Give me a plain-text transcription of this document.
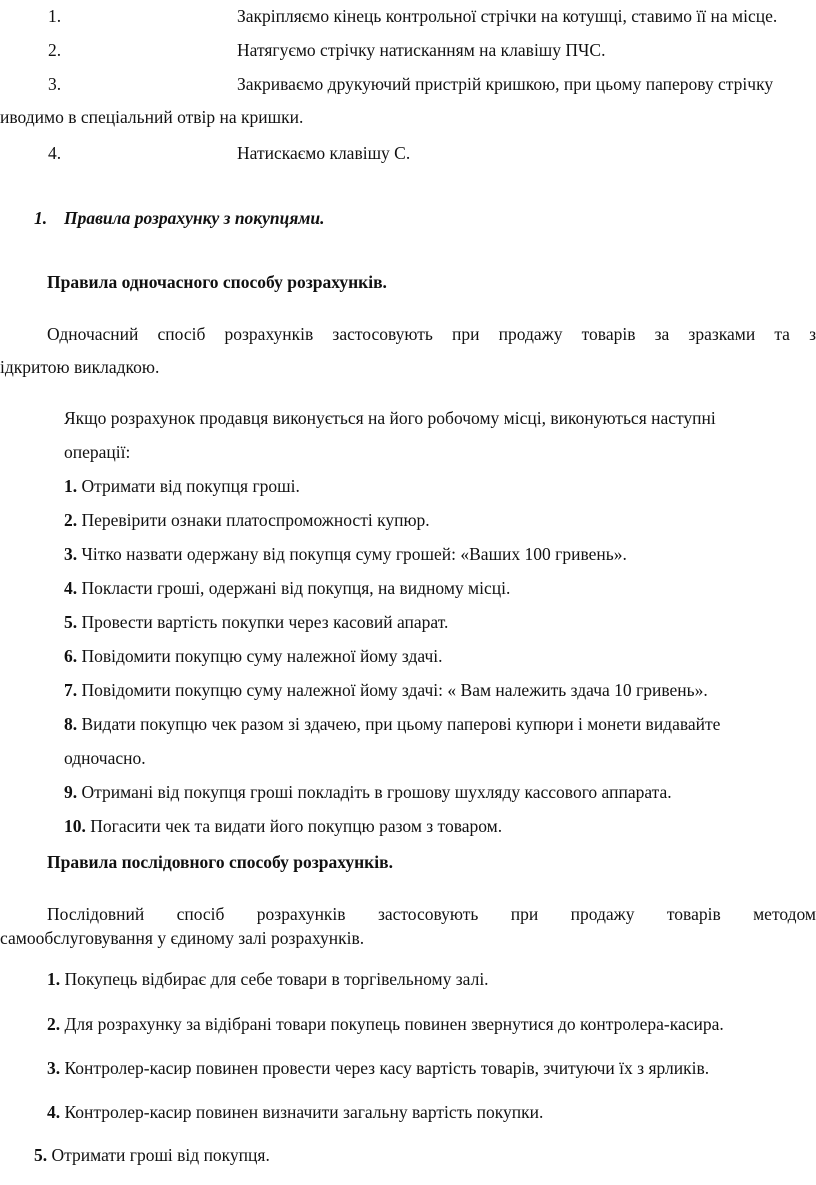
1.	Закріпляємо кінець контрольної стрічки на котушці, ставимо її на місце.
2.	Натягуємо стрічку натисканням на клавішу ПЧС.
3.	Закриваємо друкуючий пристрій кришкою, при цьому паперову стрічку
иводимо в спеціальний отвір на кришки.
4.	Натискаємо клавішу С.
1. Правила розрахунку з покупцями.
Правила одночасного способу розрахунків.
Одночасний спосіб розрахунків застосовують при продажу товарів за зразками та з
ідкритою викладкою.
Якщо розрахунок продавця виконується на його робочому місці, виконуються наступні
операції:
1. Отримати від покупця гроші.
2. Перевірити ознаки платоспроможності купюр.
3. Чітко назвати одержану від покупця суму грошей: «Ваших 100 гривень».
4. Покласти гроші, одержані від покупця, на видному місці.
5. Провести вартість покупки через касовий апарат.
6. Повідомити покупцю суму належної йому здачі.
7. Повідомити покупцю суму належної йому здачі: « Вам належить здача 10 гривень».
8. Видати покупцю чек разом зі здачею, при цьому паперові купюри і монети видавайте
одночасно.
9. Отримані від покупця гроші покладіть в грошову шухляду кассового аппарата.
10. Погасити чек та видати його покупцю разом з товаром.
Правила послідовного способу розрахунків.
Послідовний спосіб розрахунків застосовують при продажу товарів методом
самообслуговування у єдиному залі розрахунків.
1. Покупець відбирає для себе товари в торгівельному залі.
2. Для розрахунку за відібрані товари покупець повинен звернутися до контролера-касира.
3. Контролер-касир повинен провести через касу вартість товарів, зчитуючи їх з ярликів.
4. Контролер-касир повинен визначити загальну вартість покупки.
5. Отримати гроші від покупця.
